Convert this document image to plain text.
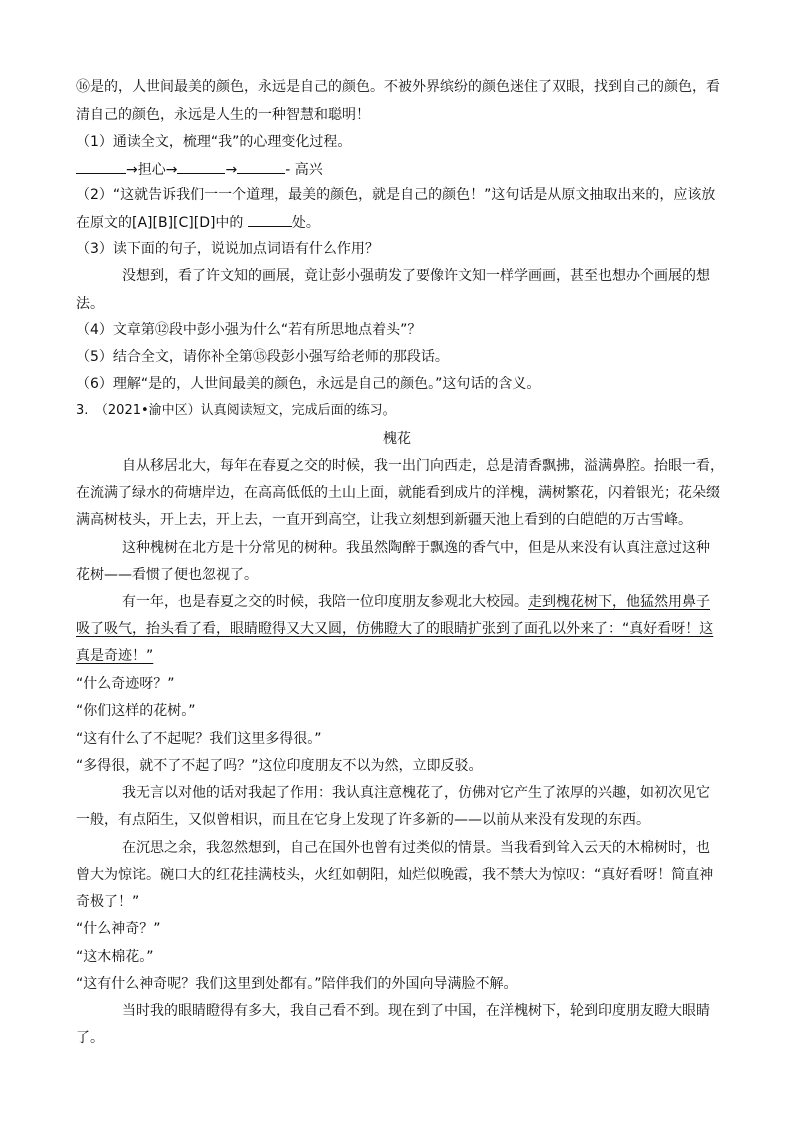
⑯是的，人世间最美的颜色，永远是自己的颜色。不被外界缤纷的颜色迷住了双眼，找到自己的颜色，看
清自己的颜色，永远是人生的一种智慧和聪明！
（1）通读全文，梳理“我”的心理变化过程。
→担心→	→	- 高兴
（2）“这就告诉我们一一个道理，最美的颜色，就是自己的颜色！”这句话是从原文抽取出来的，应该放
在原文的[A][B][C][D]中的	处。
（3）读下面的句子，说说加点词语有什么作用？
没想到，看了许文知的画展，竟让彭小强萌发了要像许文知一样学画画，甚至也想办个画展的想
法。
（4）文章第⑫段中彭小强为什么“若有所思地点着头”？
（5）结合全文，请你补全第⑮段彭小强写给老师的那段话。
（6）理解“是的，人世间最美的颜色，永远是自己的颜色。”这句话的含义。
3.　（2021•渝中区）认真阅读短文，完成后面的练习。
槐花
自从移居北大，每年在春夏之交的时候，我一出门向西走，总是清香飘拂，溢满鼻腔。抬眼一看，
在流满了绿水的荷塘岸边，在高高低低的土山上面，就能看到成片的洋槐，满树繁花，闪着银光；花朵缀
满高树枝头，开上去，开上去，一直开到高空，让我立刻想到新疆天池上看到的白皑皑的万古雪峰。
这种槐树在北方是十分常见的树种。我虽然陶醉于飘逸的香气中，但是从来没有认真注意过这种
花树——看惯了便也忽视了。
有一年，也是春夏之交的时候，我陪一位印度朋友参观北大校园。走到槐花树下，他猛然用鼻子
吸了吸气，抬头看了看，眼睛瞪得又大又圆，仿佛瞪大了的眼睛扩张到了面孔以外来了：“真好看呀！这
真是奇迹！”
“什么奇迹呀？”
“你们这样的花树。”
“这有什么了不起呢？我们这里多得很。”
“多得很，就不了不起了吗？”这位印度朋友不以为然，立即反驳。
我无言以对他的话对我起了作用：我认真注意槐花了，仿佛对它产生了浓厚的兴趣，如初次见它
一般，有点陌生，又似曾相识，而且在它身上发现了许多新的——以前从来没有发现的东西。
在沉思之余，我忽然想到，自己在国外也曾有过类似的情景。当我看到耸入云天的木棉树时，也
曾大为惊诧。碗口大的红花挂满枝头，火红如朝阳，灿烂似晚霞，我不禁大为惊叹：“真好看呀！简直神
奇极了！”
“什么神奇？”
“这木棉花。”
“这有什么神奇呢？我们这里到处都有。”陪伴我们的外国向导满脸不解。
当时我的眼睛瞪得有多大，我自己看不到。现在到了中国，在洋槐树下，轮到印度朋友瞪大眼睛
了。
